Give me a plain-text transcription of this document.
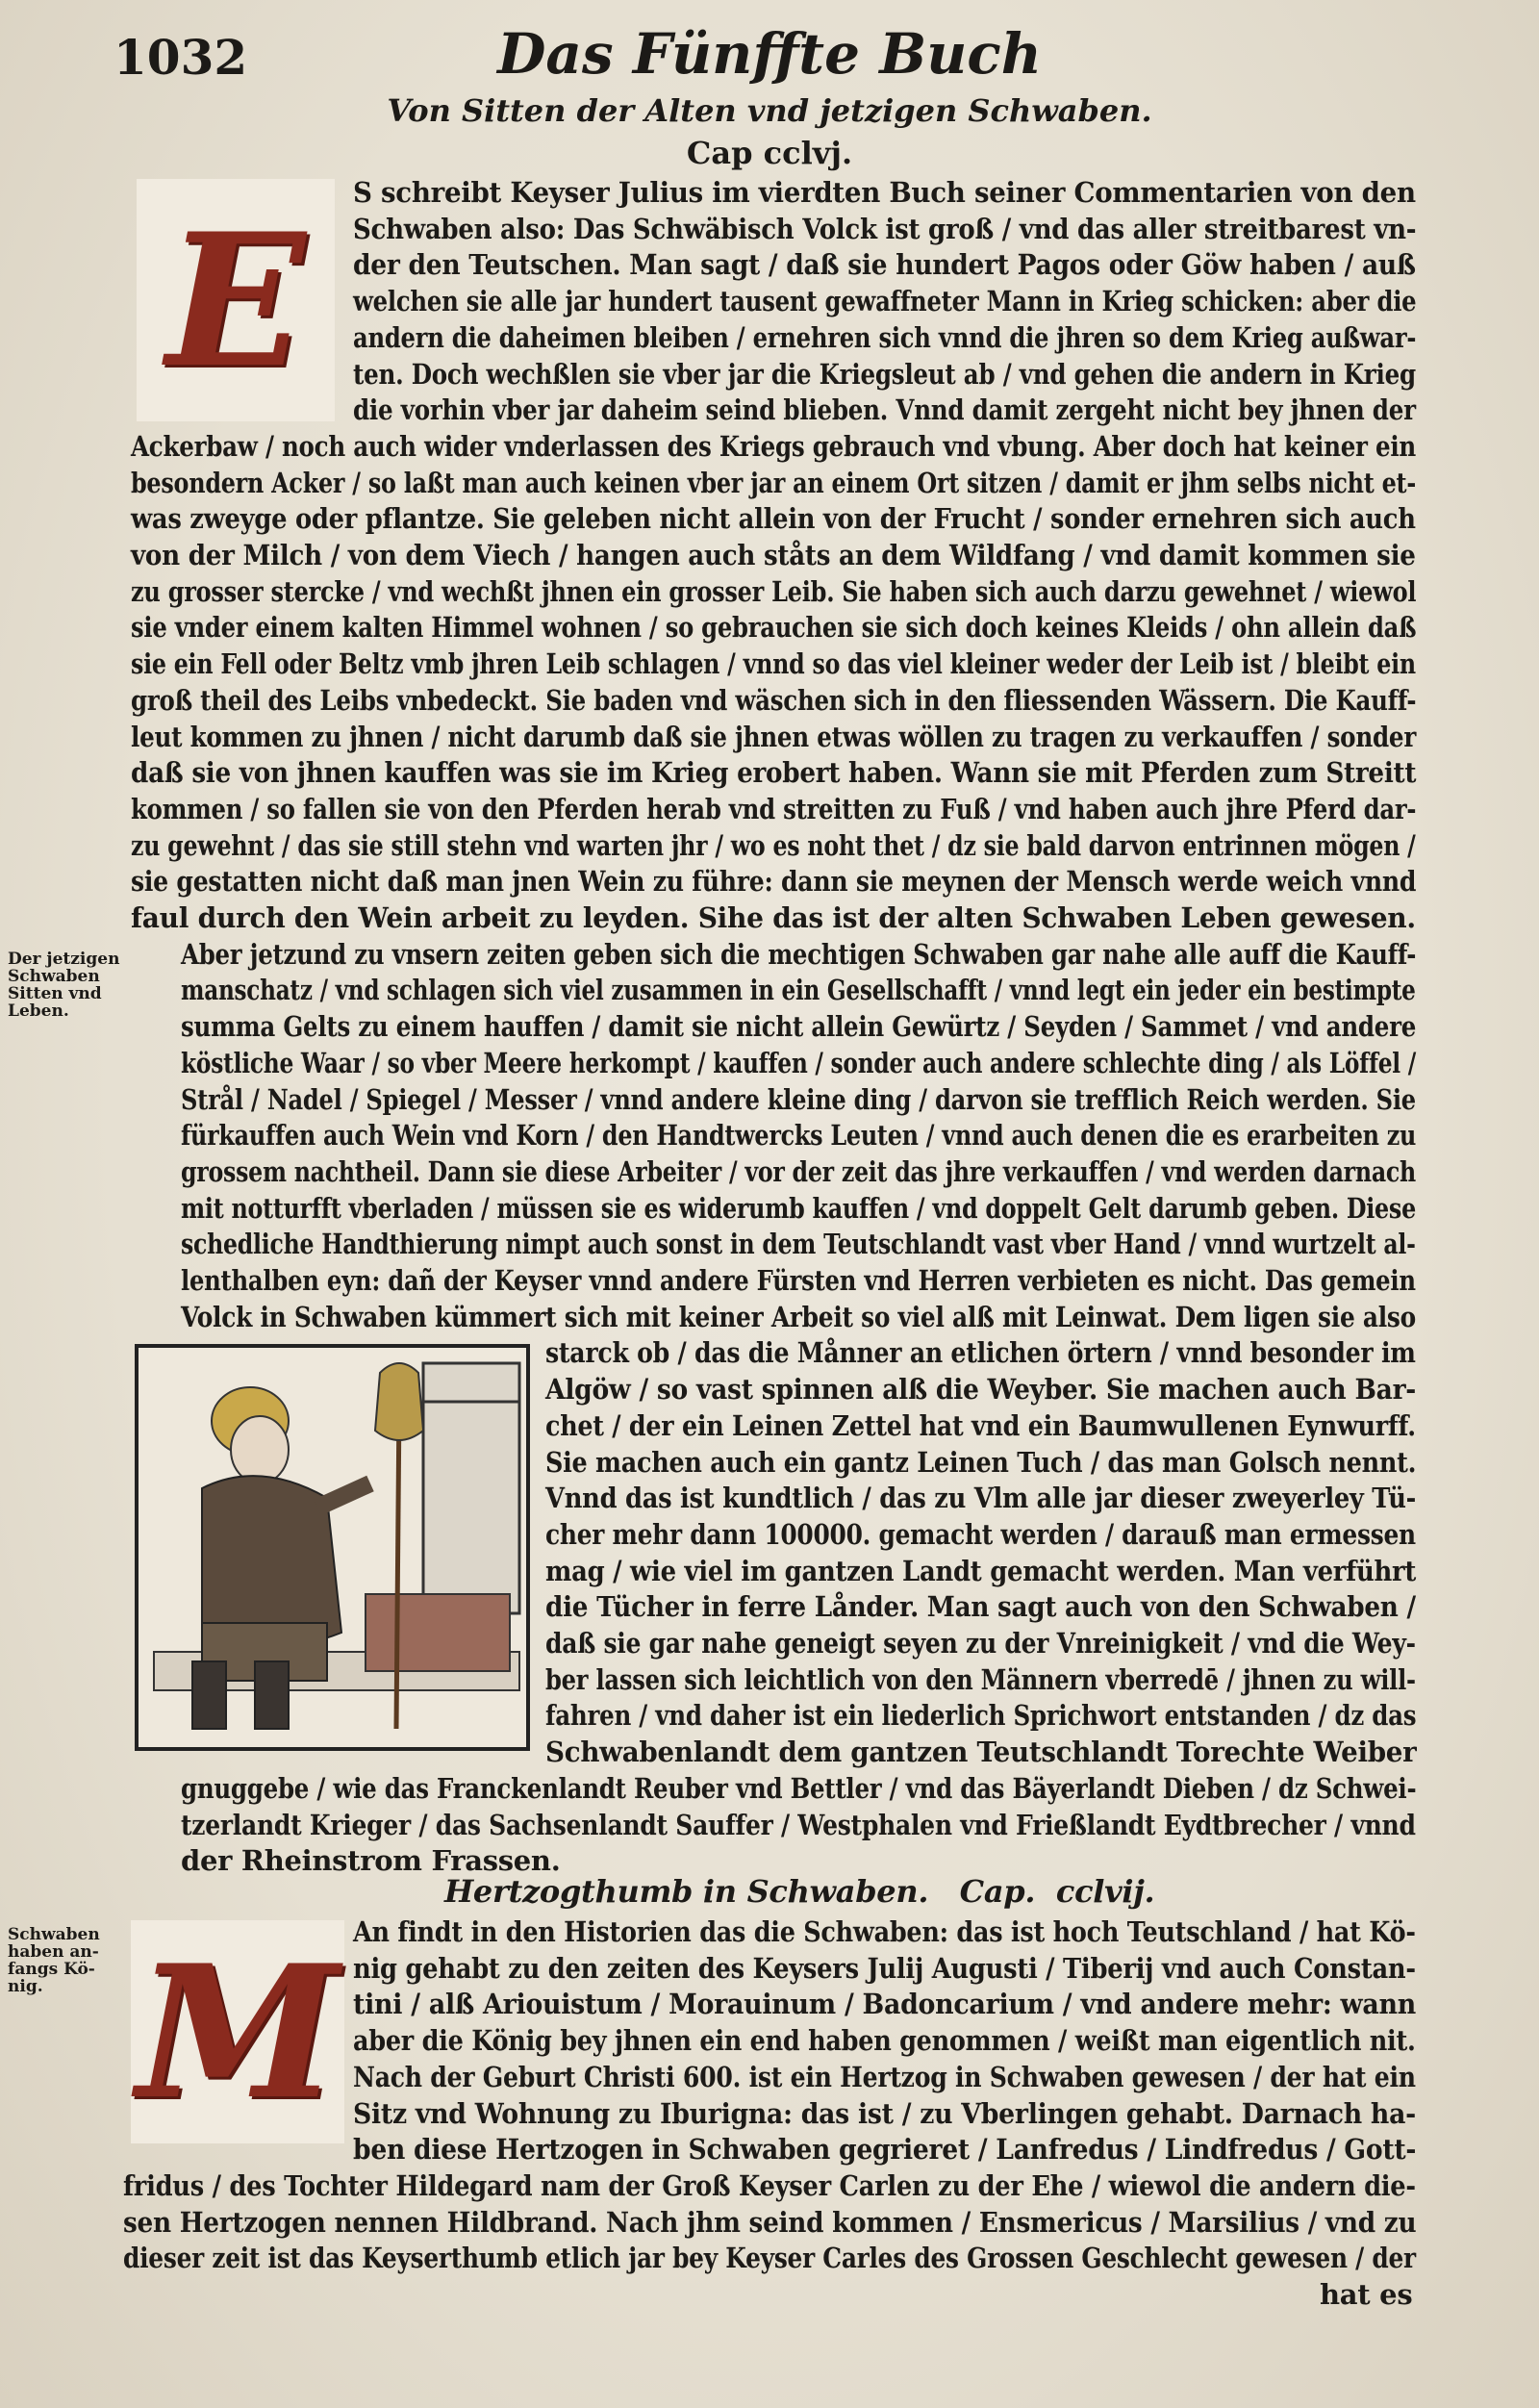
1032	Das Fünffte Buch
Von Sitten der Alten vnd jetzigen Schwaben.
Cap cclvj.
E
M
Der jetzigen
Schwaben
Sitten vnd
Leben.
Schwaben
haben an-
fangs Kö-
nig.
S schreibt Keyser Julius im vierdten Buch seiner Commentarien von den
Schwaben also: Das Schwäbisch Volck ist groß / vnd das aller streitbarest vn-
der den Teutschen. Man sagt / daß sie hundert Pagos oder Göw haben / auß
welchen sie alle jar hundert tausent gewaffneter Mann in Krieg schicken: aber die
andern die daheimen bleiben / ernehren sich vnnd die jhren so dem Krieg außwar-
ten. Doch wechßlen sie vber jar die Kriegsleut ab / vnd gehen die andern in Krieg
die vorhin vber jar daheim seind blieben. Vnnd damit zergeht nicht bey jhnen der
Ackerbaw / noch auch wider vnderlassen des Kriegs gebrauch vnd vbung. Aber doch hat keiner ein
besondern Acker / so laßt man auch keinen vber jar an einem Ort sitzen / damit er jhm selbs nicht et-
was zweyge oder pflantze. Sie geleben nicht allein von der Frucht / sonder ernehren sich auch
von der Milch / von dem Viech / hangen auch ståts an dem Wildfang / vnd damit kommen sie
zu grosser stercke / vnd wechßt jhnen ein grosser Leib. Sie haben sich auch darzu gewehnet / wiewol
sie vnder einem kalten Himmel wohnen / so gebrauchen sie sich doch keines Kleids / ohn allein daß
sie ein Fell oder Beltz vmb jhren Leib schlagen / vnnd so das viel kleiner weder der Leib ist / bleibt ein
groß theil des Leibs vnbedeckt. Sie baden vnd wäschen sich in den fliessenden Wässern. Die Kauff-
leut kommen zu jhnen / nicht darumb daß sie jhnen etwas wöllen zu tragen zu verkauffen / sonder
daß sie von jhnen kauffen was sie im Krieg erobert haben. Wann sie mit Pferden zum Streitt
kommen / so fallen sie von den Pferden herab vnd streitten zu Fuß / vnd haben auch jhre Pferd dar-
zu gewehnt / das sie still stehn vnd warten jhr / wo es noht thet / dz sie bald darvon entrinnen mögen /
sie gestatten nicht daß man jnen Wein zu führe: dann sie meynen der Mensch werde weich vnnd
faul durch den Wein arbeit zu leyden. Sihe das ist der alten Schwaben Leben gewesen.
Aber jetzund zu vnsern zeiten geben sich die mechtigen Schwaben gar nahe alle auff die Kauff-
manschatz / vnd schlagen sich viel zusammen in ein Gesellschafft / vnnd legt ein jeder ein bestimpte
summa Gelts zu einem hauffen / damit sie nicht allein Gewürtz / Seyden / Sammet / vnd andere
köstliche Waar / so vber Meere herkompt / kauffen / sonder auch andere schlechte ding / als Löffel /
Strål / Nadel / Spiegel / Messer / vnnd andere kleine ding / darvon sie trefflich Reich werden. Sie
fürkauffen auch Wein vnd Korn / den Handtwercks Leuten / vnnd auch denen die es erarbeiten zu
grossem nachtheil. Dann sie diese Arbeiter / vor der zeit das jhre verkauffen / vnd werden darnach
mit notturfft vberladen / müssen sie es widerumb kauffen / vnd doppelt Gelt darumb geben. Diese
schedliche Handthierung nimpt auch sonst in dem Teutschlandt vast vber Hand / vnnd wurtzelt al-
lenthalben eyn: dañ der Keyser vnnd andere Fürsten vnd Herren verbieten es nicht. Das gemein
Volck in Schwaben kümmert sich mit keiner Arbeit so viel alß mit Leinwat. Dem ligen sie also
starck ob / das die Månner an etlichen örtern / vnnd besonder im
Algöw / so vast spinnen alß die Weyber. Sie machen auch Bar-
chet / der ein Leinen Zettel hat vnd ein Baumwullenen Eynwurff.
Sie machen auch ein gantz Leinen Tuch / das man Golsch nennt.
Vnnd das ist kundtlich / das zu Vlm alle jar dieser zweyerley Tü-
cher mehr dann 100000. gemacht werden / darauß man ermessen
mag / wie viel im gantzen Landt gemacht werden. Man verführt
die Tücher in ferre Lånder. Man sagt auch von den Schwaben /
daß sie gar nahe geneigt seyen zu der Vnreinigkeit / vnd die Wey-
ber lassen sich leichtlich von den Männern vberredē / jhnen zu will-
fahren / vnd daher ist ein liederlich Sprichwort entstanden / dz das
Schwabenlandt dem gantzen Teutschlandt Torechte Weiber
gnuggebe / wie das Franckenlandt Reuber vnd Bettler / vnd das Bäyerlandt Dieben / dz Schwei-
tzerlandt Krieger / das Sachsenlandt Sauffer / Westphalen vnd Frießlandt Eydtbrecher / vnnd
der Rheinstrom Frassen.
Hertzogthumb in Schwaben.   Cap.  cclvij.
An findt in den Historien das die Schwaben: das ist hoch Teutschland / hat Kö-
nig gehabt zu den zeiten des Keysers Julij Augusti / Tiberij vnd auch Constan-
tini / alß Ariouistum / Morauinum / Badoncarium / vnd andere mehr: wann
aber die König bey jhnen ein end haben genommen / weißt man eigentlich nit.
Nach der Geburt Christi 600. ist ein Hertzog in Schwaben gewesen / der hat ein
Sitz vnd Wohnung zu Iburigna: das ist / zu Vberlingen gehabt. Darnach ha-
ben diese Hertzogen in Schwaben gegrieret / Lanfredus / Lindfredus / Gott-
fridus / des Tochter Hildegard nam der Groß Keyser Carlen zu der Ehe / wiewol die andern die-
sen Hertzogen nennen Hildbrand. Nach jhm seind kommen / Ensmericus / Marsilius / vnd zu
dieser zeit ist das Keyserthumb etlich jar bey Keyser Carles des Grossen Geschlecht gewesen / der
hat es
